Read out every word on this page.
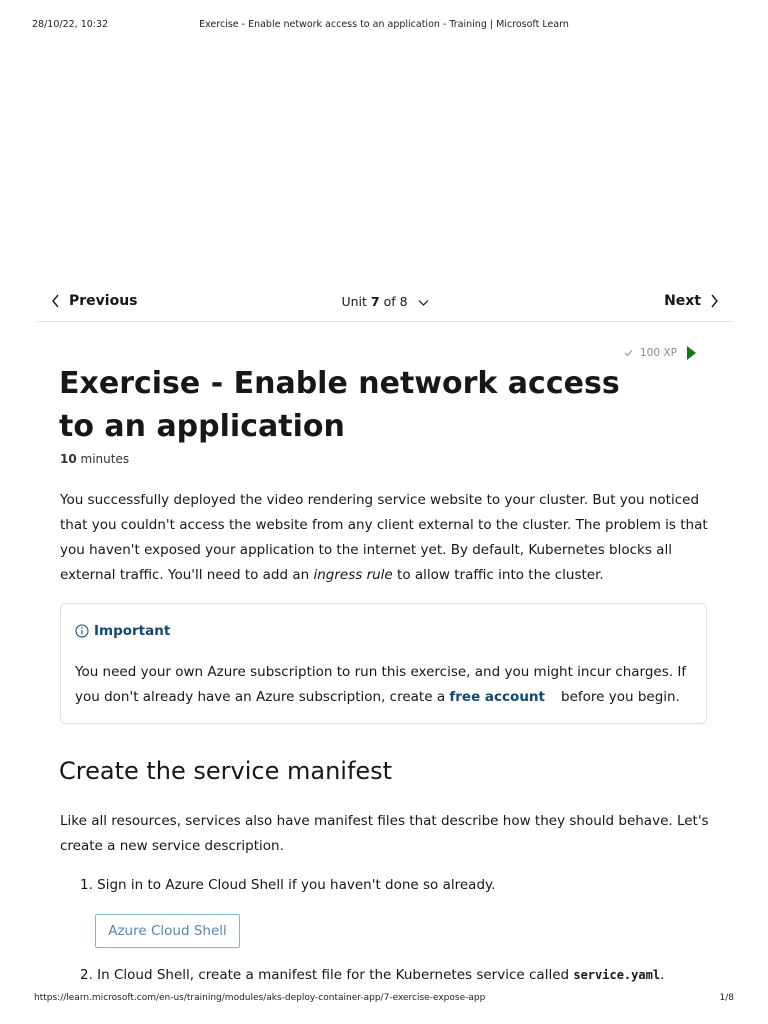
28/10/22, 10:32	Exercise - Enable network access to an application - Training | Microsoft Learn
Previous	Unit 7 of 8	Next
100 XP
Exercise - Enable network access to an application
10 minutes

You successfully deployed the video rendering service website to your cluster. But you noticed that you couldn't access the website from any client external to the cluster. The problem is that you haven't exposed your application to the internet yet. By default, Kubernetes blocks all external traffic. You'll need to add an ingress rule to allow traffic into the cluster.

Important

You need your own Azure subscription to run this exercise, and you might incur charges. If you don't already have an Azure subscription, create a free account before you begin.

Create the service manifest

Like all resources, services also have manifest files that describe how they should behave. Let's create a new service description.

1. Sign in to Azure Cloud Shell if you haven't done so already.
Azure Cloud Shell
2. In Cloud Shell, create a manifest file for the Kubernetes service called service.yaml.
https://learn.microsoft.com/en-us/training/modules/aks-deploy-container-app/7-exercise-expose-app	1/8
